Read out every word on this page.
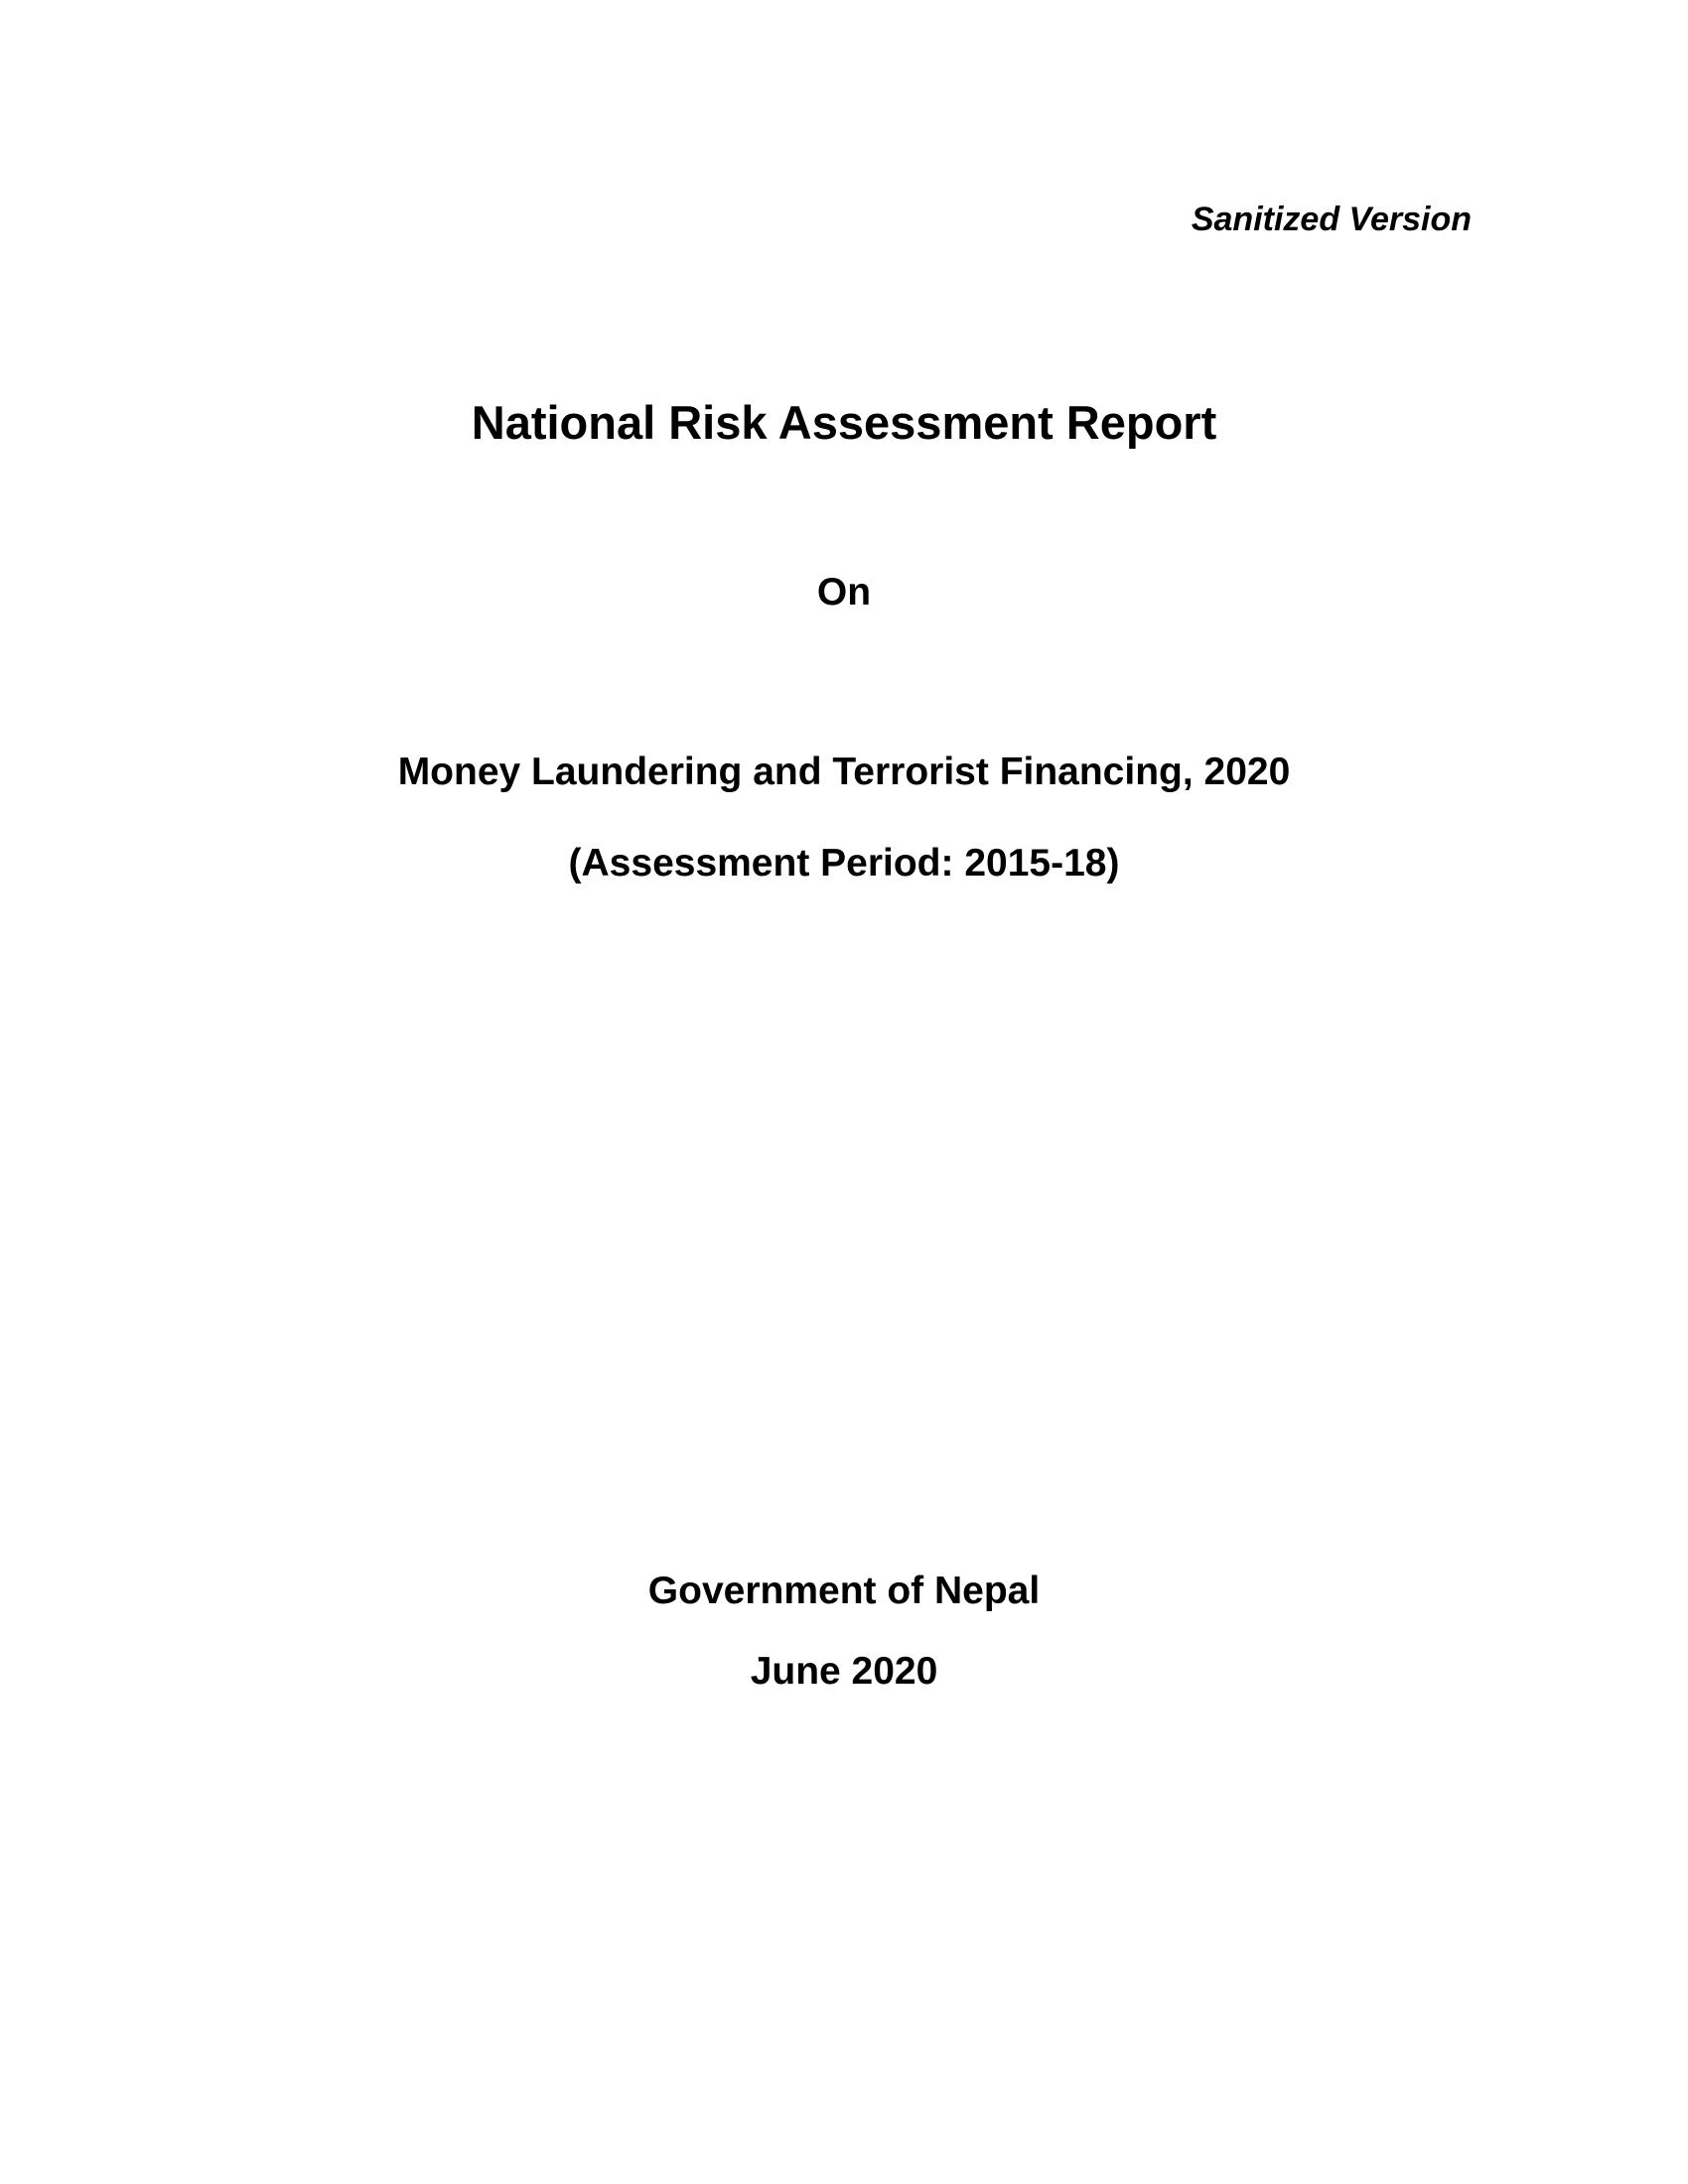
Sanitized Version
National Risk Assessment Report
On
Money Laundering and Terrorist Financing, 2020
(Assessment Period: 2015-18)
Government of Nepal
June 2020
